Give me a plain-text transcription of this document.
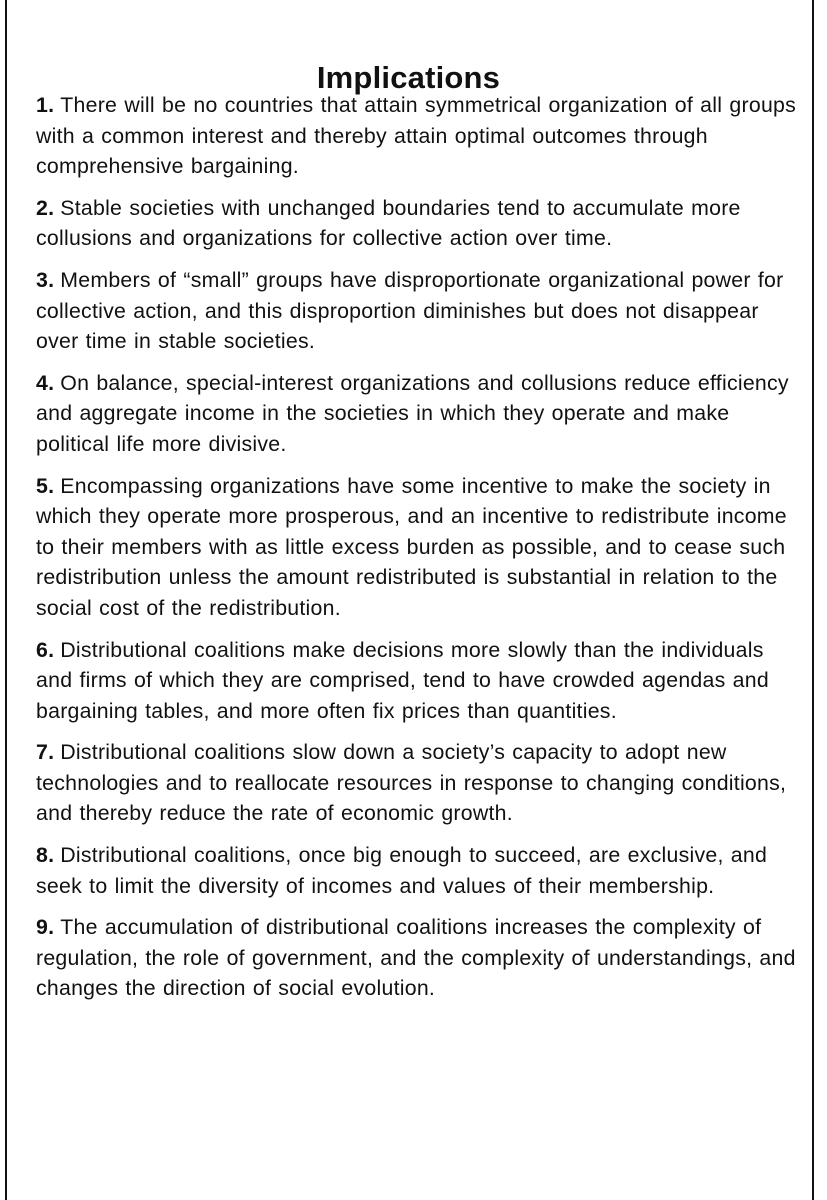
Implications
1. There will be no countries that attain symmetrical organization of all groups with a common interest and thereby attain optimal outcomes through comprehensive bargaining.
2. Stable societies with unchanged boundaries tend to accumulate more collusions and organizations for collective action over time.
3. Members of “small” groups have disproportionate organizational power for collective action, and this disproportion diminishes but does not disappear over time in stable societies.
4. On balance, special-interest organizations and collusions reduce efficiency and aggregate income in the societies in which they operate and make political life more divisive.
5. Encompassing organizations have some incentive to make the society in which they operate more prosperous, and an incentive to redistribute income to their members with as little excess burden as possible, and to cease such redistribution unless the amount redistributed is substantial in relation to the social cost of the redistribution.
6. Distributional coalitions make decisions more slowly than the individuals and firms of which they are comprised, tend to have crowded agendas and bargaining tables, and more often fix prices than quantities.
7. Distributional coalitions slow down a society’s capacity to adopt new technologies and to reallocate resources in response to changing conditions, and thereby reduce the rate of economic growth.
8. Distributional coalitions, once big enough to succeed, are exclusive, and seek to limit the diversity of incomes and values of their membership.
9. The accumulation of distributional coalitions increases the complexity of regulation, the role of government, and the complexity of understandings, and changes the direction of social evolution.
